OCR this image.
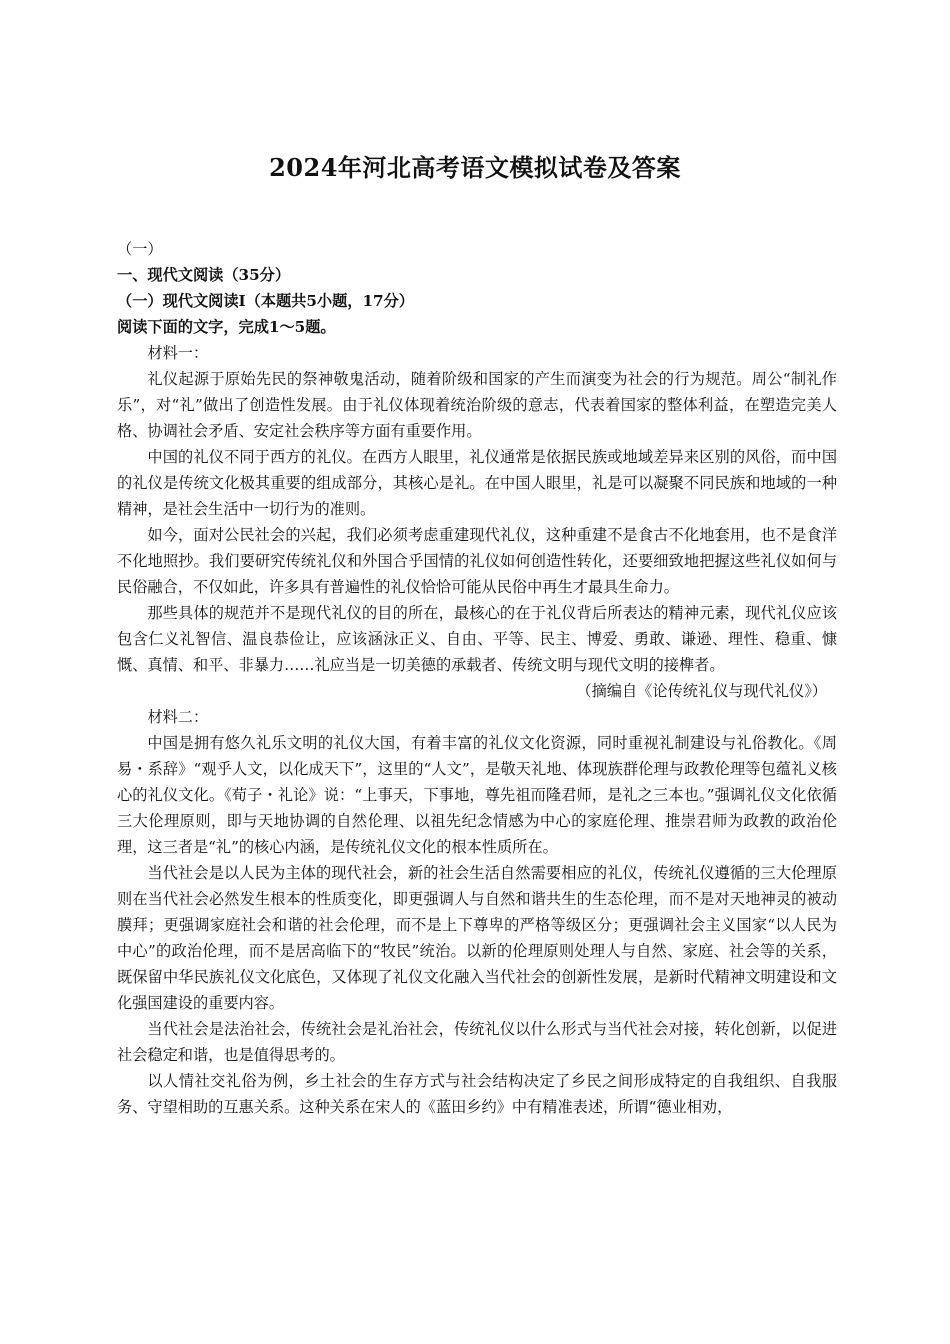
2024年河北高考语文模拟试卷及答案

（一）

一、现代文阅读（35分）

（一）现代文阅读Ⅰ（本题共5小题，17分）

阅读下面的文字，完成1～5题。

材料一：

礼仪起源于原始先民的祭神敬鬼活动，随着阶级和国家的产生而演变为社会的行为规范。周公“制礼作乐”，对“礼”做出了创造性发展。由于礼仪体现着统治阶级的意志，代表着国家的整体利益，在塑造完美人格、协调社会矛盾、安定社会秩序等方面有重要作用。

中国的礼仪不同于西方的礼仪。在西方人眼里，礼仪通常是依据民族或地域差异来区别的风俗，而中国的礼仪是传统文化极其重要的组成部分，其核心是礼。在中国人眼里，礼是可以凝聚不同民族和地域的一种精神，是社会生活中一切行为的准则。

如今，面对公民社会的兴起，我们必须考虑重建现代礼仪，这种重建不是食古不化地套用，也不是食洋不化地照抄。我们要研究传统礼仪和外国合乎国情的礼仪如何创造性转化，还要细致地把握这些礼仪如何与民俗融合，不仅如此，许多具有普遍性的礼仪恰恰可能从民俗中再生才最具生命力。

那些具体的规范并不是现代礼仪的目的所在，最核心的在于礼仪背后所表达的精神元素，现代礼仪应该包含仁义礼智信、温良恭俭让，应该涵泳正义、自由、平等、民主、博爱、勇敢、谦逊、理性、稳重、慷慨、真情、和平、非暴力……礼应当是一切美德的承载者、传统文明与现代文明的接榫者。

（摘编自《论传统礼仪与现代礼仪》）

材料二：

中国是拥有悠久礼乐文明的礼仪大国，有着丰富的礼仪文化资源，同时重视礼制建设与礼俗教化。《周易・系辞》“观乎人文，以化成天下”，这里的“人文”，是敬天礼地、体现族群伦理与政教伦理等包蕴礼义核心的礼仪文化。《荀子・礼论》说：“上事天，下事地，尊先祖而隆君师，是礼之三本也。”强调礼仪文化依循三大伦理原则，即与天地协调的自然伦理、以祖先纪念情感为中心的家庭伦理、推崇君师为政教的政治伦理，这三者是“礼”的核心内涵，是传统礼仪文化的根本性质所在。

当代社会是以人民为主体的现代社会，新的社会生活自然需要相应的礼仪，传统礼仪遵循的三大伦理原则在当代社会必然发生根本的性质变化，即更强调人与自然和谐共生的生态伦理，而不是对天地神灵的被动膜拜；更强调家庭社会和谐的社会伦理，而不是上下尊卑的严格等级区分；更强调社会主义国家“以人民为中心”的政治伦理，而不是居高临下的“牧民”统治。以新的伦理原则处理人与自然、家庭、社会等的关系，既保留中华民族礼仪文化底色，又体现了礼仪文化融入当代社会的创新性发展，是新时代精神文明建设和文化强国建设的重要内容。

当代社会是法治社会，传统社会是礼治社会，传统礼仪以什么形式与当代社会对接，转化创新，以促进社会稳定和谐，也是值得思考的。

以人情社交礼俗为例，乡土社会的生存方式与社会结构决定了乡民之间形成特定的自我组织、自我服务、守望相助的互惠关系。这种关系在宋人的《蓝田乡约》中有精准表述，所谓“德业相劝，
